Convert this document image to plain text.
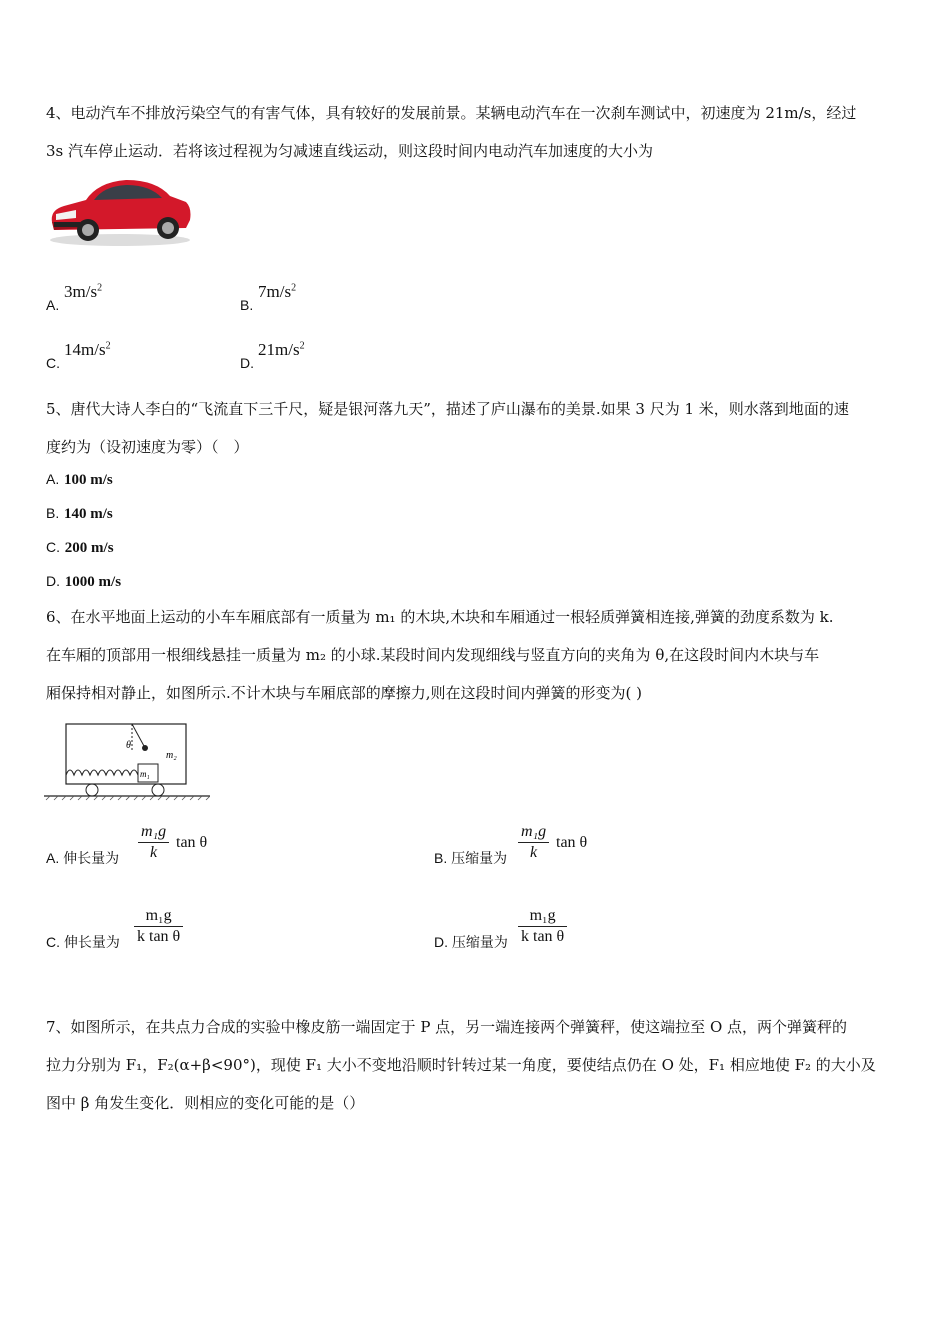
4、电动汽车不排放污染空气的有害气体，具有较好的发展前景。某辆电动汽车在一次刹车测试中，初速度为 21m/s，经过
3s 汽车停止运动．若将该过程视为匀减速直线运动，则这段时间内电动汽车加速度的大小为
A.
$3m/s^2$
B.
$7m/s^2$
C.
$14m/s^2$
D.
$21m/s^2$
5、唐代大诗人李白的“飞流直下三千尺，疑是银河落九天”，描述了庐山瀑布的美景.如果 3 尺为 1 米，则水落到地面的速
度约为（设初速度为零）（　）
A. 100 m/s
B. 140 m/s
C. 200 m/s
D. 1000 m/s
6、在水平地面上运动的小车车厢底部有一质量为 m₁ 的木块,木块和车厢通过一根轻质弹簧相连接,弹簧的劲度系数为 k.
在车厢的顶部用一根细线悬挂一质量为 m₂ 的小球.某段时间内发现细线与竖直方向的夹角为 θ,在这段时间内木块与车
厢保持相对静止，如图所示.不计木块与车厢底部的摩擦力,则在这段时间内弹簧的形变为( )
θ
m₂
m₁
A. 伸长量为 $\frac{\text{m₁g}}{k}$ tan θ
B. 压缩量为 $\frac{\text{m₁g}}{k}$ tan θ
C. 伸长量为 $\frac{\text{m₁g}}{\text{k tan θ}}$	D. 压缩量为 $\frac{\text{m₁g}}{\text{k tan θ}}$
7、如图所示，在共点力合成的实验中橡皮筋一端固定于 P 点，另一端连接两个弹簧秤，使这端拉至 O 点，两个弹簧秤的
拉力分别为 F₁，F₂(α+β<90°)，现使 F₁ 大小不变地沿顺时针转过某一角度，要使结点仍在 O 处，F₁ 相应地使 F₂ 的大小及
图中 β 角发生变化．则相应的变化可能的是（）
